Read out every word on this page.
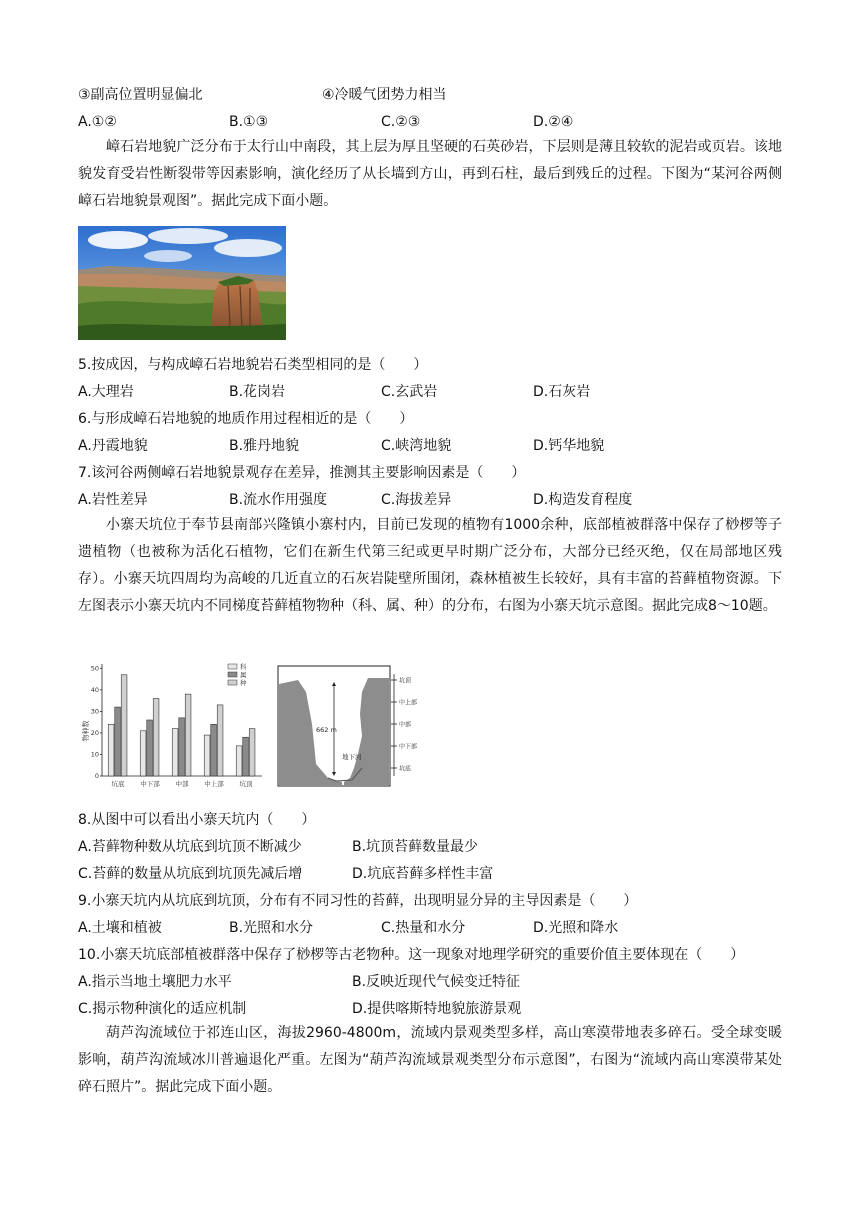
③副高位置明显偏北	④冷暖气团势力相当
A.①②	B.①③	C.②③	D.②④
嶂石岩地貌广泛分布于太行山中南段，其上层为厚且坚硬的石英砂岩，下层则是薄且较软的泥岩或页岩。该地貌发育受岩性断裂带等因素影响，演化经历了从长墙到方山，再到石柱，最后到残丘的过程。下图为“某河谷两侧嶂石岩地貌景观图”。据此完成下面小题。
5.按成因，与构成嶂石岩地貌岩石类型相同的是（　　）
A.大理岩	B.花岗岩	C.玄武岩	D.石灰岩
6.与形成嶂石岩地貌的地质作用过程相近的是（　　）
A.丹霞地貌	B.雅丹地貌	C.峡湾地貌	D.钙华地貌
7.该河谷两侧嶂石岩地貌景观存在差异，推测其主要影响因素是（　　）
A.岩性差异	B.流水作用强度	C.海拔差异	D.构造发育程度
小寨天坑位于奉节县南部兴隆镇小寨村内，目前已发现的植物有1000余种，底部植被群落中保存了桫椤等子遗植物（也被称为活化石植物，它们在新生代第三纪或更早时期广泛分布，大部分已经灭绝，仅在局部地区残存）。小寨天坑四周均为高峻的几近直立的石灰岩陡壁所围闭，森林植被生长较好，具有丰富的苔藓植物资源。下左图表示小寨天坑内不同梯度苔藓植物物种（科、属、种）的分布，右图为小寨天坑示意图。据此完成8～10题。
物种数
0
10
20
30
40
50
坑底 中下部 中部 中上部 坑顶
科
属
种
662 m
地下河
坑顶
中上部
中部
中下部
坑底
8.从图中可以看出小寨天坑内（　　）
A.苔藓物种数从坑底到坑顶不断减少	B.坑顶苔藓数量最少
C.苔藓的数量从坑底到坑顶先减后增	D.坑底苔藓多样性丰富
9.小寨天坑内从坑底到坑顶，分布有不同习性的苔藓，出现明显分异的主导因素是（　　）
A.土壤和植被	B.光照和水分	C.热量和水分	D.光照和降水
10.小寨天坑底部植被群落中保存了桫椤等古老物种。这一现象对地理学研究的重要价值主要体现在（　　）
A.指示当地土壤肥力水平	B.反映近现代气候变迁特征
C.揭示物种演化的适应机制	D.提供喀斯特地貌旅游景观
葫芦沟流域位于祁连山区，海拔2960-4800m，流域内景观类型多样，高山寒漠带地表多碎石。受全球变暖影响，葫芦沟流域冰川普遍退化严重。左图为“葫芦沟流域景观类型分布示意图”，右图为“流域内高山寒漠带某处碎石照片”。据此完成下面小题。
